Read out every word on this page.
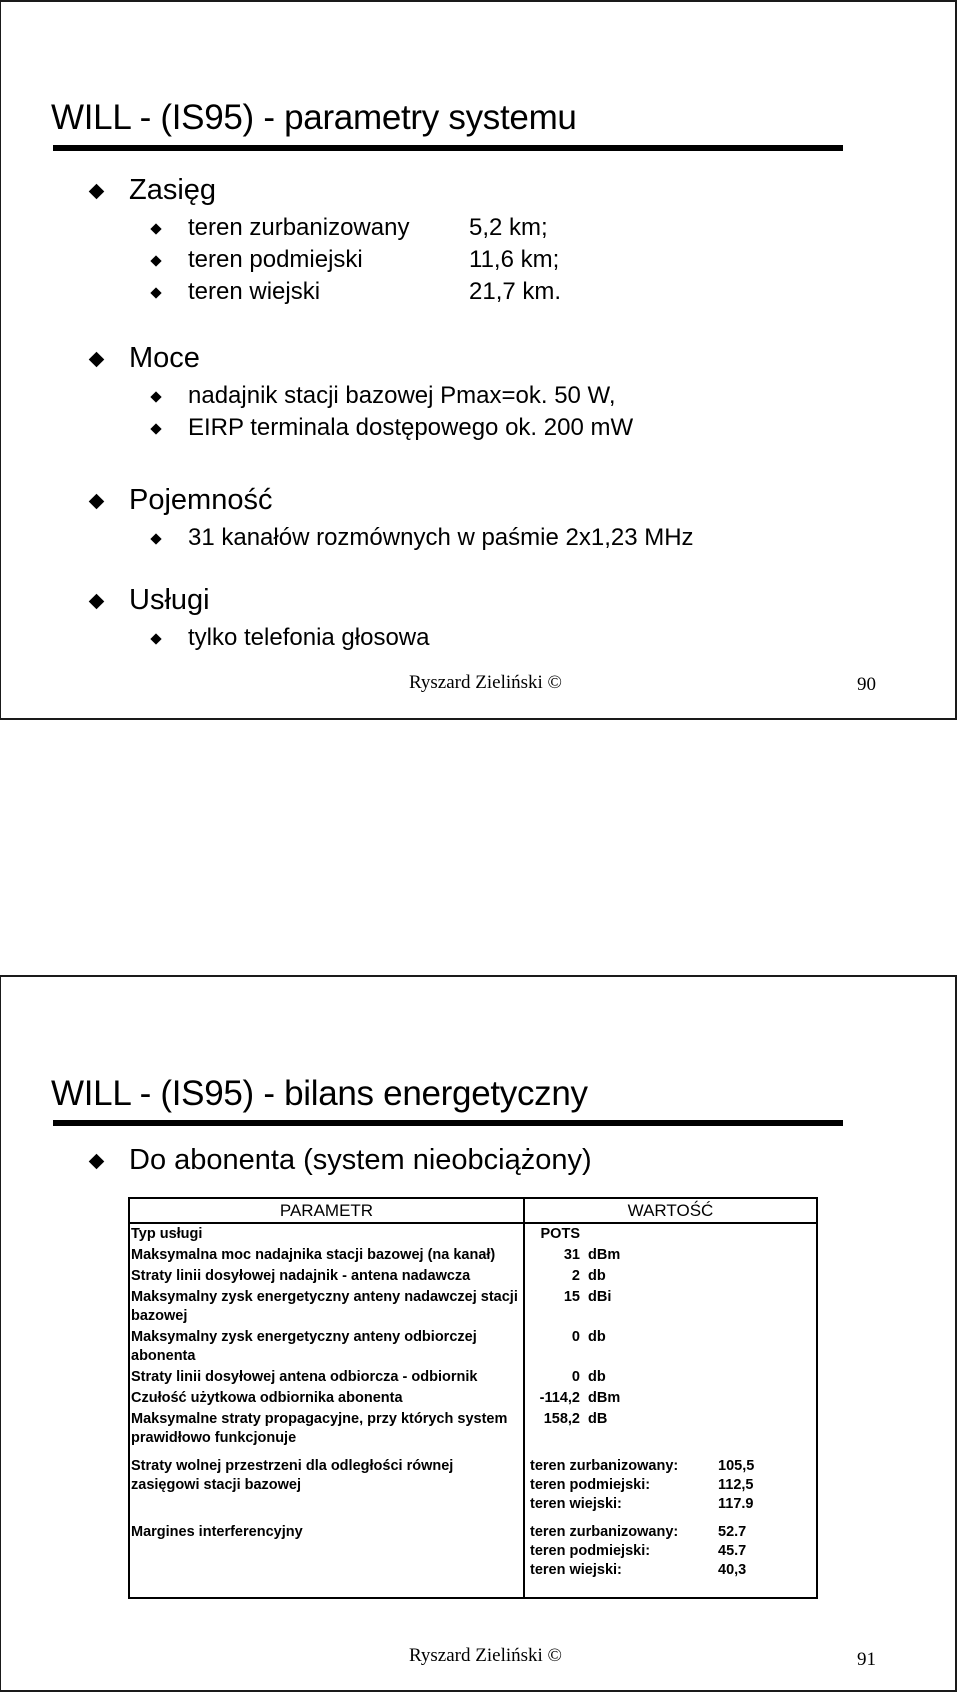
WILL - (IS95) - parametry systemu
Zasięg
teren zurbanizowany 5,2 km;
teren podmiejski	11,6 km;
teren wiejski	21,7 km.
Moce
nadajnik stacji bazowej Pmax=ok. 50 W,
EIRP terminala dostępowego ok. 200 mW
Pojemność
31 kanałów rozmównych w paśmie 2x1,23 MHz
Usługi
tylko telefonia głosowa
Ryszard Zieliński ©	90
WILL - (IS95) - bilans energetyczny
Do abonenta (system nieobciążony)
PARAMETR	WARTOŚĆ
Typ usługi	POTS
Maksymalna moc nadajnika stacji bazowej (na kanał)	31 dBm
Straty linii dosyłowej nadajnik - antena nadawcza	2 db
Maksymalny zysk energetyczny anteny nadawczej stacji bazowej	15 dBi
Maksymalny zysk energetyczny anteny odbiorczej abonenta	0 db
Straty linii dosyłowej antena odbiorcza - odbiornik	0 db
Czułość użytkowa odbiornika abonenta	-114,2 dBm
Maksymalne straty propagacyjne, przy których system prawidłowo funkcjonuje	158,2 dB
Straty wolnej przestrzeni dla odległości równej zasięgowi stacji bazowej	teren zurbanizowany: 105,5
teren podmiejski: 112,5
teren wiejski: 117.9

Margines interferencyjny	teren zurbanizowany: 52.7
teren podmiejski: 45.7
teren wiejski: 40,3
Ryszard Zieliński ©	91
